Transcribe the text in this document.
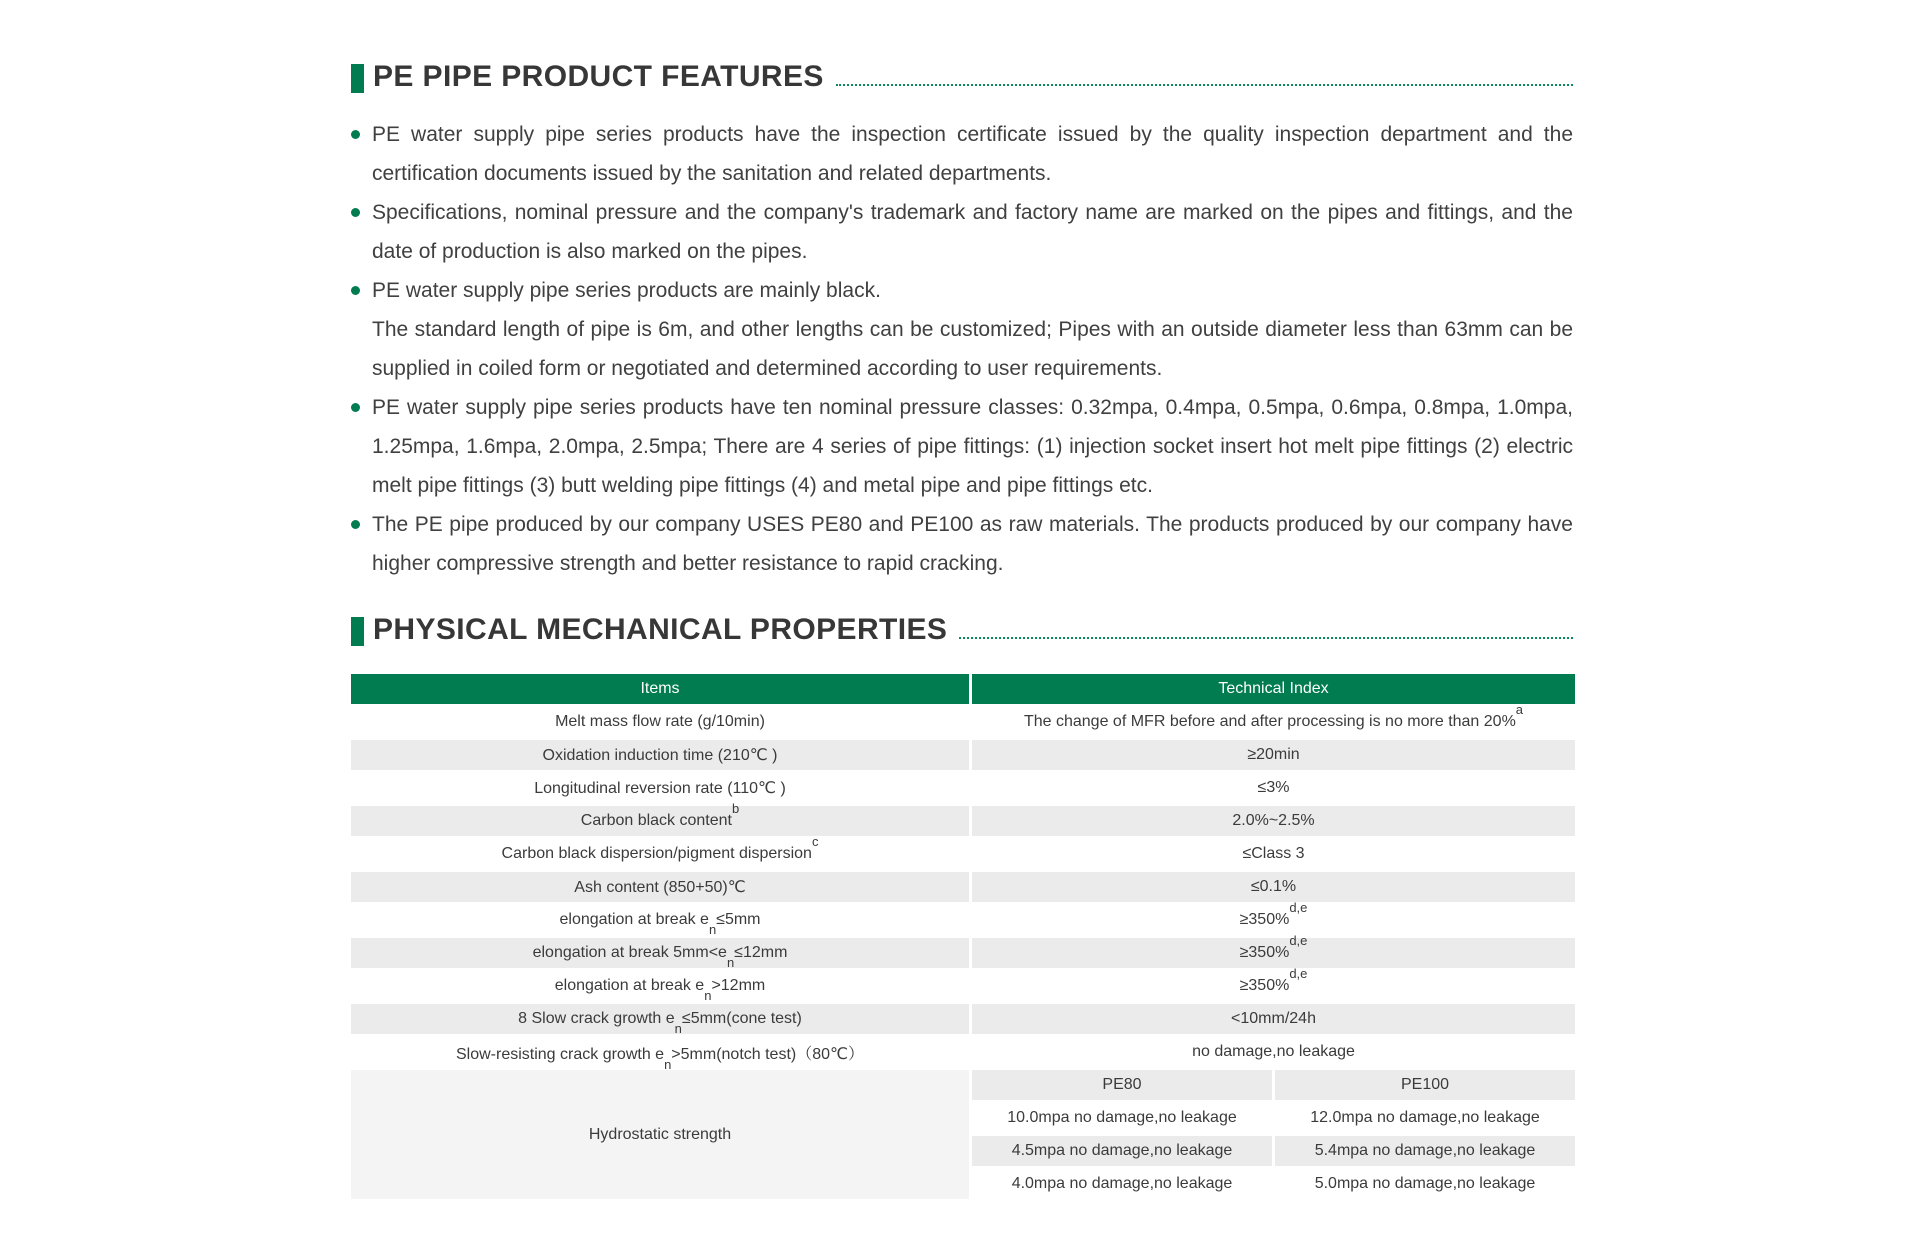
PE PIPE PRODUCT FEATURES

PE water supply pipe series products have the inspection certificate issued by the quality inspection department and the certification documents issued by the sanitation and related departments.

Specifications, nominal pressure and the company's trademark and factory name are marked on the pipes and fittings, and the date of production is also marked on the pipes.

PE water supply pipe series products are mainly black.

The standard length of pipe is 6m, and other lengths can be customized; Pipes with an outside diameter less than 63mm can be supplied in coiled form or negotiated and determined according to user requirements.

PE water supply pipe series products have ten nominal pressure classes: 0.32mpa, 0.4mpa, 0.5mpa, 0.6mpa, 0.8mpa, 1.0mpa, 1.25mpa, 1.6mpa, 2.0mpa, 2.5mpa; There are 4 series of pipe fittings: (1) injection socket insert hot melt pipe fittings (2) electric melt pipe fittings (3) butt welding pipe fittings (4) and metal pipe and pipe fittings etc.

The PE pipe produced by our company USES PE80 and PE100 as raw materials. The products produced by our company have higher compressive strength and better resistance to rapid cracking.

PHYSICAL MECHANICAL PROPERTIES
Items	Technical Index	
Melt mass flow rate (g/10min)	The change of MFR before and after processing is no more than 20%$^a$
Oxidation induction time (210℃ )	≥20min	
Longitudinal reversion rate (110℃ )	≤3%	
Carbon black content$^b$	2.0%~2.5%	
Carbon black dispersion/pigment dispersion$^c$	≤Class 3	
Ash content (850+50)℃	≤0.1%	
elongation at break $e_n\le 5mm$	≥350%$^{d,e}$
elongation at break $5mm<e_n\le 12mm$	≥350%$^{d,e}$
elongation at break $e_n>12mm$	≥350%$^{d,e}$
8 Slow crack growth $e_n\le 5mm(cone$ test)	<10mm/24h	
Slow-resisting crack growth $e_n>5mm(notch$ test)（80℃）	no damage,no leakage	
Hydrostatic strength	PE80	PE100
	10.0mpa no damage,no leakage	12.0mpa no damage,no leakage
	4.5mpa no damage,no leakage	5.4mpa no damage,no leakage
	4.0mpa no damage,no leakage	5.0mpa no damage,no leakage
